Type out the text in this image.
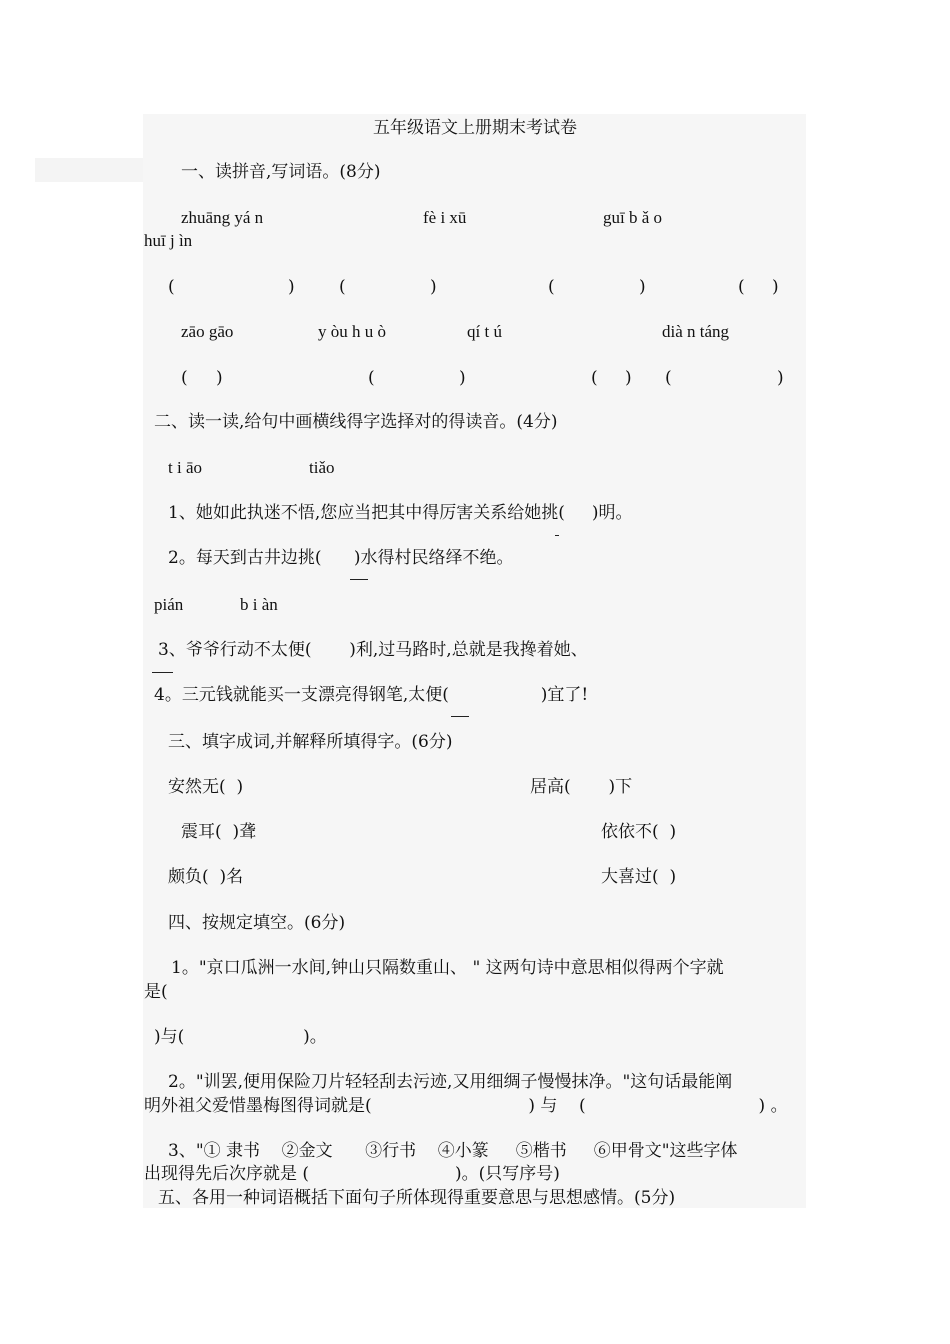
五年级语文上册期末考试卷
一、读拼音,写词语。(8分)
zhuāng yá n	fè i xū	guī b ǎ o
huī j ìn
(	)	(	)	(	)	( )
zāo gāo	y òu h u ò	qí t ú	dià n táng
( )	(	)	( ) (	)
二、读一读,给句中画横线得字选择对的得读音。(4分)
t i āo	tiǎo
1、她如此执迷不悟,您应当把其中得厉害关系给她挑(     )明。
2。每天到古井边挑(      )水得村民络绎不绝。
pián	b i àn
3、爷爷行动不太便(       )利,过马路时,总就是我搀着她、
4。三元钱就能买一支漂亮得钢笔,太便(                 )宜了!
三、填字成词,并解释所填得字。(6分)
安然无(  )	居高(       )下
震耳(  )聋	依依不(  )
颇负(  )名	大喜过(  )
四、按规定填空。(6分)
1。"京口瓜洲一水间,钟山只隔数重山、 " 这两句诗中意思相似得两个字就
是(
)与(                      )。
2。"训罢,便用保险刀片轻轻刮去污迹,又用细绸子慢慢抹净。"这句话最能阐
明外祖父爱惜墨梅图得词就是(                             ) 与    (                                ) 。
3、"① 隶书    ②金文      ③行书    ④小篆     ⑤楷书     ⑥甲骨文"这些字体
出现得先后次序就是 (                           )。(只写序号)
五、各用一种词语概括下面句子所体现得重要意思与思想感情。(5分)
